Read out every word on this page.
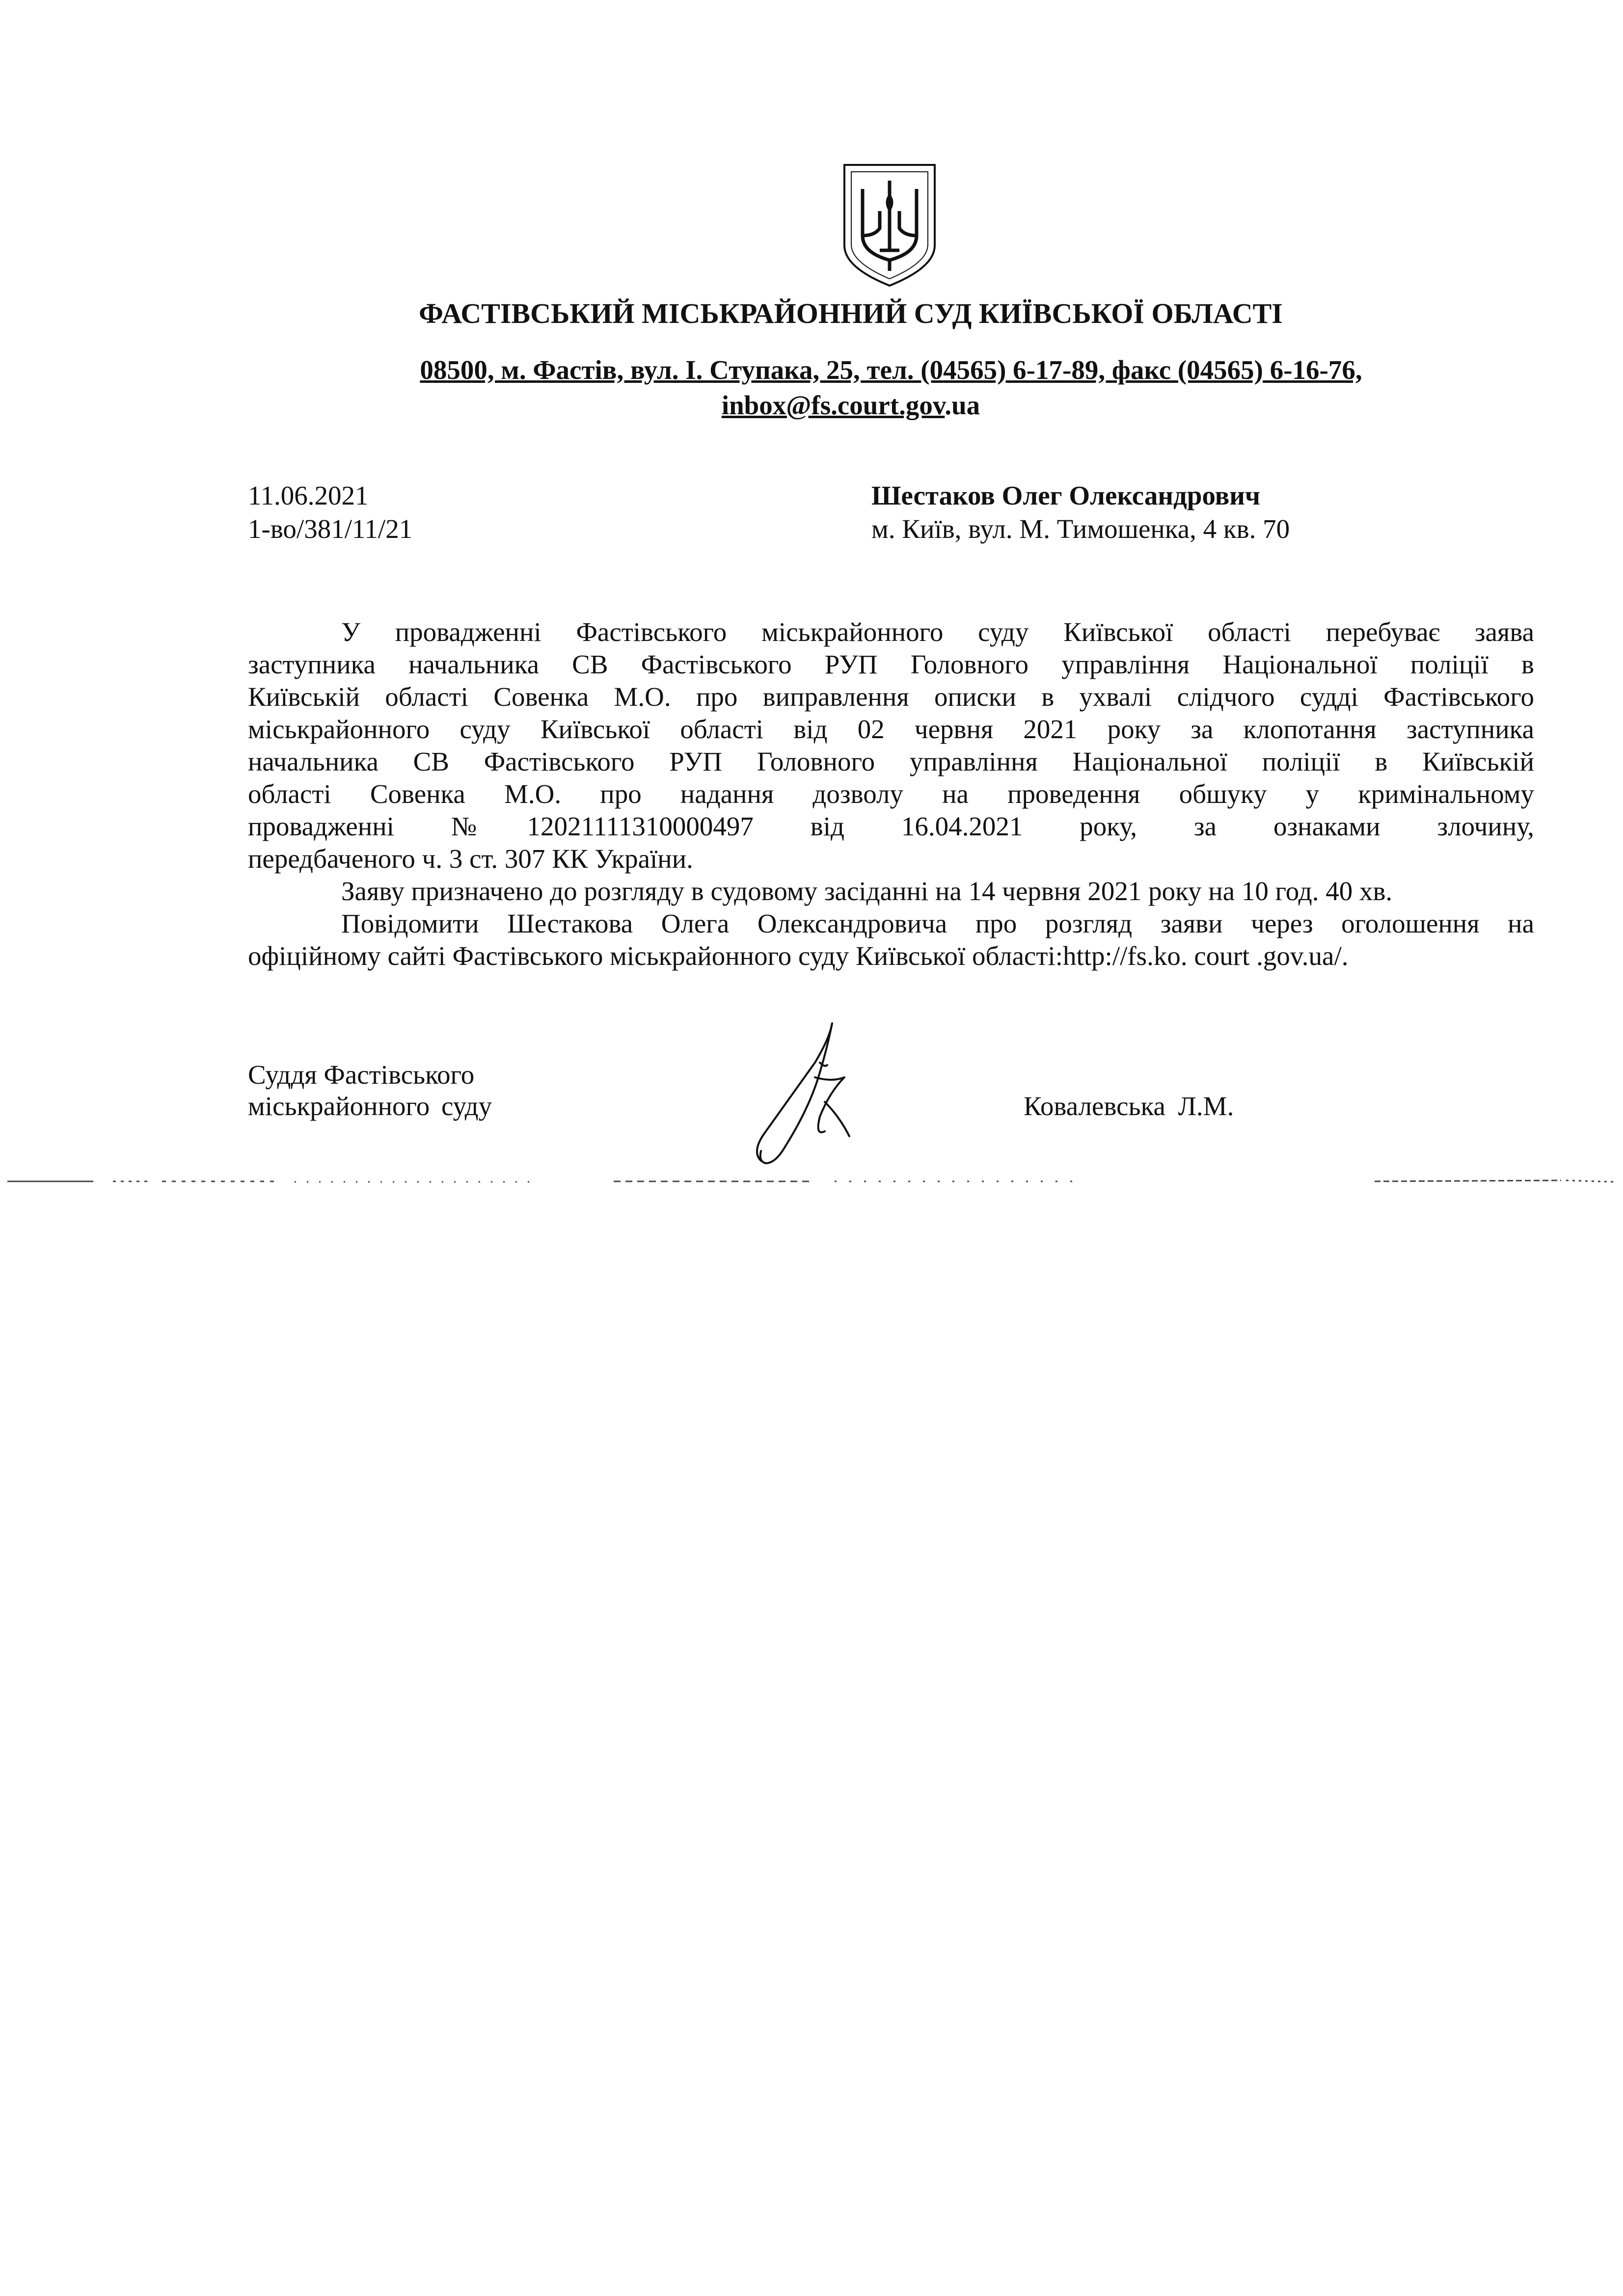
ФАСТІВСЬКИЙ МІСЬКРАЙОННИЙ СУД КИЇВСЬКОЇ ОБЛАСТІ
08500, м. Фастів, вул. І. Ступака, 25, тел. (04565) 6-17-89, факс (04565) 6-16-76,
inbox@fs.court.gov.ua
11.06.2021
1-во/381/11/21
Шестаков Олег Олександрович
м. Київ, вул. М. Тимошенка, 4 кв. 70
У провадженні Фастівського міськрайонного суду Київської області перебуває заява
заступника начальника СВ Фастівського РУП Головного управління Національної поліції в
Київській області Совенка М.О. про виправлення описки в ухвалі слідчого судді Фастівського
міськрайонного суду Київської області від 02 червня 2021 року за клопотання заступника
начальника СВ Фастівського РУП Головного управління Національної поліції в Київській
області Совенка М.О. про надання дозволу на проведення обшуку у кримінальному
провадженні №12021111310000497 від 16.04.2021 року, за ознаками злочину,
передбаченого ч. 3 ст. 307 КК України.
Заяву призначено до розгляду в судовому засіданні на 14 червня 2021 року на 10 год. 40 хв.
Повідомити Шестакова Олега Олександровича про розгляд заяви через оголошення на
офіційному сайті Фастівського міськрайонного суду Київської області:http://fs.ko. court .gov.ua/.
Суддя Фастівського
міськрайонного суду	Ковалевська Л.М.
